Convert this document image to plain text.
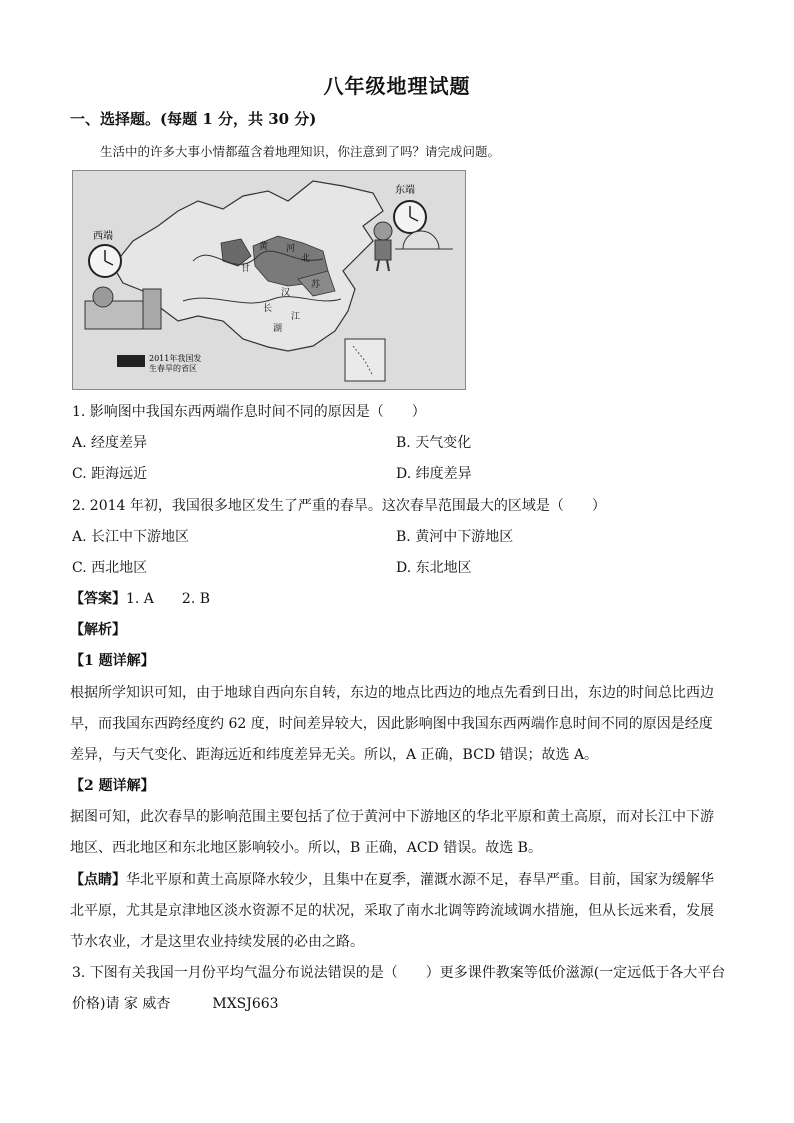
八年级地理试题
一、选择题。(每题 1 分，共 30 分)
生活中的许多大事小情都蕴含着地理知识，你注意到了吗？请完成问题。
甘
黄 河
北
苏
江
长
汉
湖
西端
东端
2011年我国发
生春旱的省区
1. 影响图中我国东西两端作息时间不同的原因是（　　）
A. 经度差异	B. 天气变化
C. 距海远近	D. 纬度差异
2. 2014 年初，我国很多地区发生了严重的春旱。这次春旱范围最大的区域是（　　）
A. 长江中下游地区	B. 黄河中下游地区
C. 西北地区	D. 东北地区
【答案】1. A　　2. B
【解析】
【1 题详解】
根据所学知识可知，由于地球自西向东自转，东边的地点比西边的地点先看到日出，东边的时间总比西边
早，而我国东西跨经度约 62 度，时间差异较大，因此影响图中我国东西两端作息时间不同的原因是经度
差异，与天气变化、距海远近和纬度差异无关。所以，A 正确，BCD 错误；故选 A。
【2 题详解】
据图可知，此次春旱的影响范围主要包括了位于黄河中下游地区的华北平原和黄土高原，而对长江中下游
地区、西北地区和东北地区影响较小。所以，B 正确，ACD 错误。故选 B。
【点睛】华北平原和黄土高原降水较少，且集中在夏季，灌溉水源不足，春旱严重。目前，国家为缓解华
北平原，尤其是京津地区淡水资源不足的状况，采取了南水北调等跨流域调水措施，但从长远来看，发展
节水农业，才是这里农业持续发展的必由之路。
3. 下图有关我国一月份平均气温分布说法错误的是（　　）更多课件教案等低价滋源(一定远低于各大平台
价格)请 家 威杏　　　MXSJ663
